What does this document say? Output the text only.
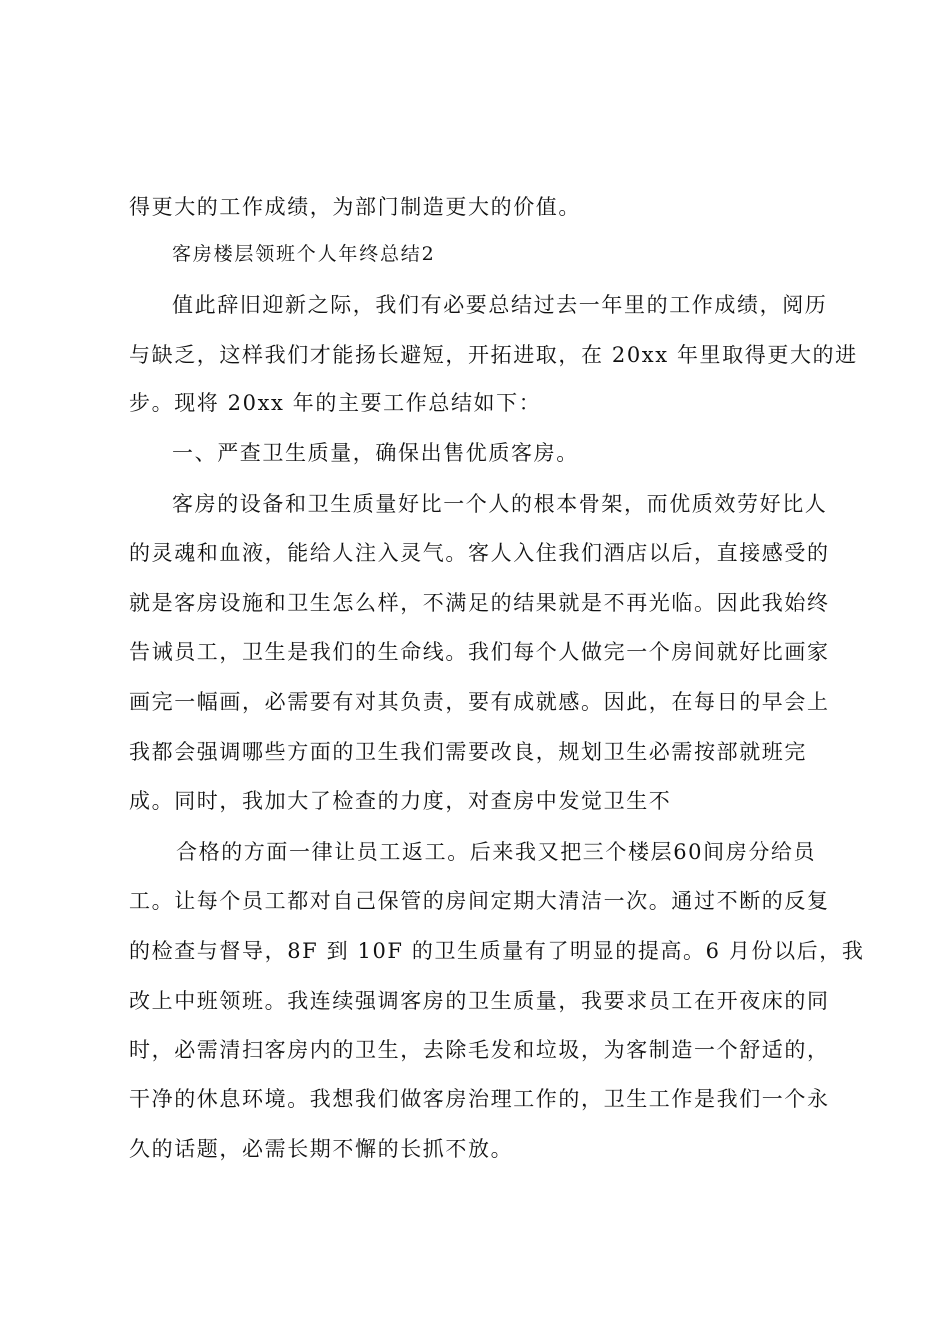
得更大的工作成绩，为部门制造更大的价值。
客房楼层领班个人年终总结2
值此辞旧迎新之际，我们有必要总结过去一年里的工作成绩，阅历
与缺乏，这样我们才能扬长避短，开拓进取，在 20xx 年里取得更大的进
步。现将 20xx 年的主要工作总结如下：
一、严查卫生质量，确保出售优质客房。
客房的设备和卫生质量好比一个人的根本骨架，而优质效劳好比人
的灵魂和血液，能给人注入灵气。客人入住我们酒店以后，直接感受的
就是客房设施和卫生怎么样，不满足的结果就是不再光临。因此我始终
告诫员工，卫生是我们的生命线。我们每个人做完一个房间就好比画家
画完一幅画，必需要有对其负责，要有成就感。因此，在每日的早会上
我都会强调哪些方面的卫生我们需要改良，规划卫生必需按部就班完
成。同时，我加大了检查的力度，对查房中发觉卫生不
合格的方面一律让员工返工。后来我又把三个楼层60间房分给员
工。让每个员工都对自己保管的房间定期大清洁一次。通过不断的反复
的检查与督导，8F 到 10F 的卫生质量有了明显的提高。6 月份以后，我
改上中班领班。我连续强调客房的卫生质量，我要求员工在开夜床的同
时，必需清扫客房内的卫生，去除毛发和垃圾，为客制造一个舒适的，
干净的休息环境。我想我们做客房治理工作的，卫生工作是我们一个永
久的话题，必需长期不懈的长抓不放。
